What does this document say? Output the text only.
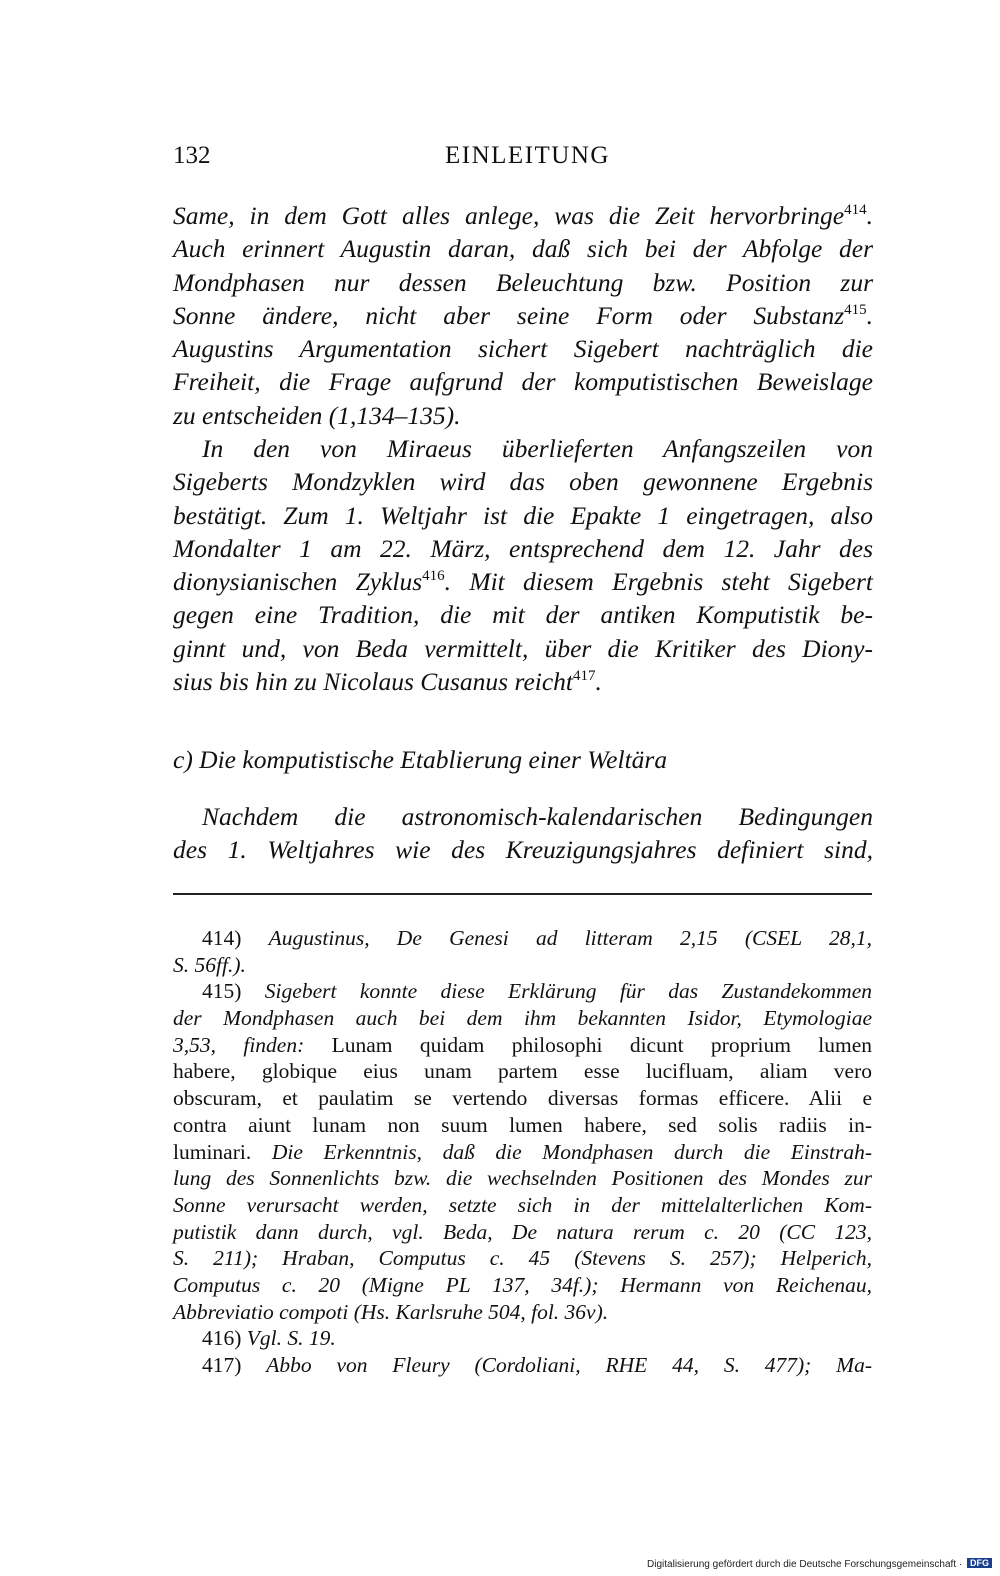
132	EINLEITUNG
Same, in dem Gott alles anlege, was die Zeit hervorbringe$^{414}$.
Auch erinnert Augustin daran, daß sich bei der Abfolge der
Mondphasen nur dessen Beleuchtung bzw. Position zur
Sonne ändere, nicht aber seine Form oder Substanz$^{415}$.
Augustins Argumentation sichert Sigebert nachträglich die
Freiheit, die Frage aufgrund der komputistischen Beweislage
zu entscheiden (1,134–135).
In den von Miraeus überlieferten Anfangszeilen von
Sigeberts Mondzyklen wird das oben gewonnene Ergebnis
bestätigt. Zum 1. Weltjahr ist die Epakte 1 eingetragen, also
Mondalter 1 am 22. März, entsprechend dem 12. Jahr des
dionysianischen Zyklus$^{416}$. Mit diesem Ergebnis steht Sigebert
gegen eine Tradition, die mit der antiken Komputistik be-
ginnt und, von Beda vermittelt, über die Kritiker des Diony-
sius bis hin zu Nicolaus Cusanus reicht$^{417}$.
c) Die komputistische Etablierung einer Weltära
Nachdem die astronomisch-kalendarischen Bedingungen
des 1. Weltjahres wie des Kreuzigungsjahres definiert sind,
414) Augustinus, De Genesi ad litteram 2,15 (CSEL 28,1,
S. 56ff.).
415) Sigebert konnte diese Erklärung für das Zustandekommen
der Mondphasen auch bei dem ihm bekannten Isidor, Etymologiae
3,53, finden: Lunam quidam philosophi dicunt proprium lumen
habere, globique eius unam partem esse lucifluam, aliam vero
obscuram, et paulatim se vertendo diversas formas efficere. Alii e
contra aiunt lunam non suum lumen habere, sed solis radiis in-
luminari. Die Erkenntnis, daß die Mondphasen durch die Einstrah-
lung des Sonnenlichts bzw. die wechselnden Positionen des Mondes zur
Sonne verursacht werden, setzte sich in der mittelalterlichen Kom-
putistik dann durch, vgl. Beda, De natura rerum c. 20 (CC 123,
S. 211); Hraban, Computus c. 45 (Stevens S. 257); Helperich,
Computus c. 20 (Migne PL 137, 34f.); Hermann von Reichenau,
Abbreviatio compoti (Hs. Karlsruhe 504, fol. 36v).
416) Vgl. S. 19.
417) Abbo von Fleury (Cordoliani, RHE 44, S. 477); Ma-
Digitalisierung gefördert durch die Deutsche Forschungsgemeinschaft · DFG
